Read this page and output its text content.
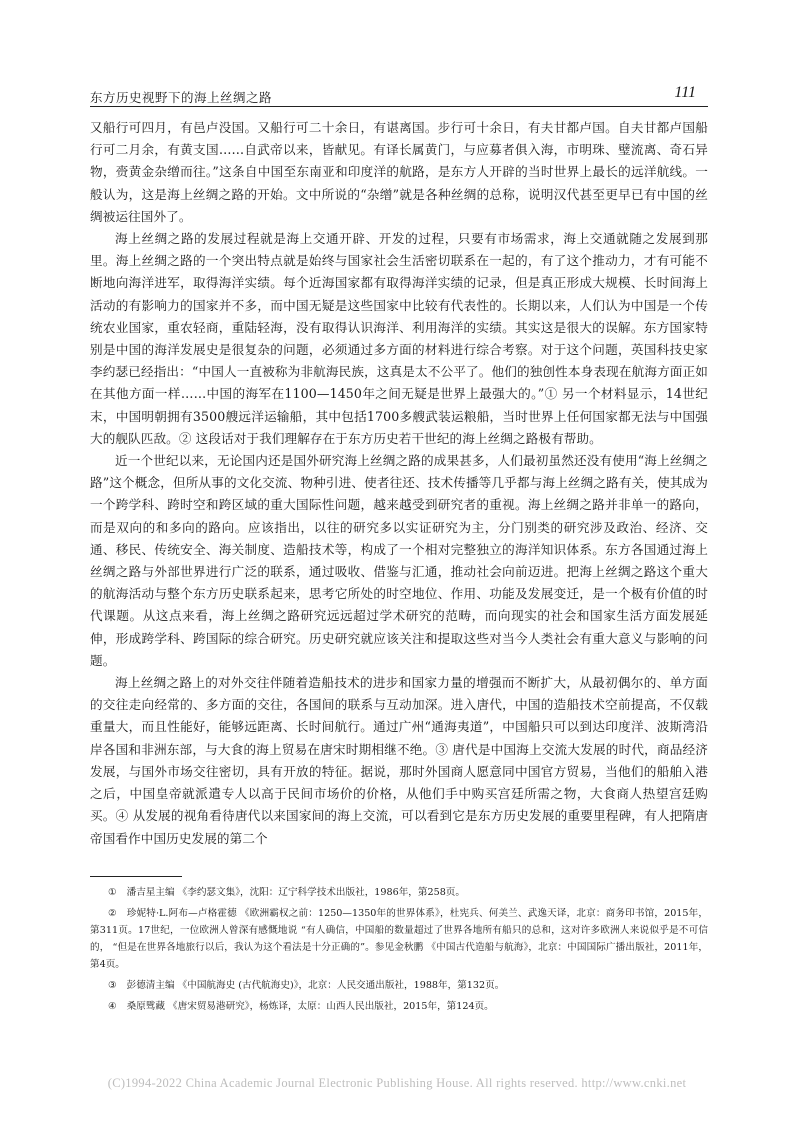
东方历史视野下的海上丝绸之路	111

又船行可四月，有邑卢没国。又船行可二十余日，有谌离国。步行可十余日，有夫甘都卢国。自夫甘都卢国船行可二月余，有黄支国……自武帝以来，皆献见。有译长属黄门，与应募者俱入海，市明珠、璧流离、奇石异物，赍黄金杂缯而往。”这条自中国至东南亚和印度洋的航路，是东方人开辟的当时世界上最长的远洋航线。一般认为，这是海上丝绸之路的开始。文中所说的“杂缯”就是各种丝绸的总称，说明汉代甚至更早已有中国的丝绸被运往国外了。

海上丝绸之路的发展过程就是海上交通开辟、开发的过程，只要有市场需求，海上交通就随之发展到那里。海上丝绸之路的一个突出特点就是始终与国家社会生活密切联系在一起的，有了这个推动力，才有可能不断地向海洋进军，取得海洋实绩。每个近海国家都有取得海洋实绩的记录，但是真正形成大规模、长时间海上活动的有影响力的国家并不多，而中国无疑是这些国家中比较有代表性的。长期以来，人们认为中国是一个传统农业国家，重农轻商，重陆轻海，没有取得认识海洋、利用海洋的实绩。其实这是很大的误解。东方国家特别是中国的海洋发展史是很复杂的问题，必须通过多方面的材料进行综合考察。对于这个问题，英国科技史家李约瑟已经指出：“中国人一直被称为非航海民族，这真是太不公平了。他们的独创性本身表现在航海方面正如在其他方面一样……中国的海军在1100—1450年之间无疑是世界上最强大的。”① 另一个材料显示，14世纪末，中国明朝拥有3500艘远洋运输船，其中包括1700多艘武装运粮船，当时世界上任何国家都无法与中国强大的舰队匹敌。② 这段话对于我们理解存在于东方历史若干世纪的海上丝绸之路极有帮助。

近一个世纪以来，无论国内还是国外研究海上丝绸之路的成果甚多，人们最初虽然还没有使用“海上丝绸之路”这个概念，但所从事的文化交流、物种引进、使者往还、技术传播等几乎都与海上丝绸之路有关，使其成为一个跨学科、跨时空和跨区域的重大国际性问题，越来越受到研究者的重视。海上丝绸之路并非单一的路向，而是双向的和多向的路向。应该指出，以往的研究多以实证研究为主，分门别类的研究涉及政治、经济、交通、移民、传统安全、海关制度、造船技术等，构成了一个相对完整独立的海洋知识体系。东方各国通过海上丝绸之路与外部世界进行广泛的联系，通过吸收、借鉴与汇通，推动社会向前迈进。把海上丝绸之路这个重大的航海活动与整个东方历史联系起来，思考它所处的时空地位、作用、功能及发展变迁，是一个极有价值的时代课题。从这点来看，海上丝绸之路研究远远超过学术研究的范畴，而向现实的社会和国家生活方面发展延伸，形成跨学科、跨国际的综合研究。历史研究就应该关注和提取这些对当今人类社会有重大意义与影响的问题。

海上丝绸之路上的对外交往伴随着造船技术的进步和国家力量的增强而不断扩大，从最初偶尔的、单方面的交往走向经常的、多方面的交往，各国间的联系与互动加深。进入唐代，中国的造船技术空前提高，不仅载重量大，而且性能好，能够远距离、长时间航行。通过广州“通海夷道”，中国船只可以到达印度洋、波斯湾沿岸各国和非洲东部，与大食的海上贸易在唐宋时期相继不绝。③ 唐代是中国海上交流大发展的时代，商品经济发展，与国外市场交往密切，具有开放的特征。据说，那时外国商人愿意同中国官方贸易，当他们的船舶入港之后，中国皇帝就派遣专人以高于民间市场价的价格，从他们手中购买宫廷所需之物，大食商人热望宫廷购买。④ 从发展的视角看待唐代以来国家间的海上交流，可以看到它是东方历史发展的重要里程碑，有人把隋唐帝国看作中国历史发展的第二个

① 潘吉星主编 《李约瑟文集》，沈阳：辽宁科学技术出版社，1986年，第258页。

② 珍妮特·L.阿布—卢格霍德 《欧洲霸权之前：1250—1350年的世界体系》，杜宪兵、何美兰、武逸天译，北京：商务印书馆，2015年，第311页。17世纪，一位欧洲人曾深有感慨地说 “有人确信，中国船的数量超过了世界各地所有船只的总和，这对许多欧洲人来说似乎是不可信的， “但是在世界各地旅行以后，我认为这个看法是十分正确的”。参见金秋鹏 《中国古代造船与航海》，北京：中国国际广播出版社，2011年，第4页。

③ 彭德清主编 《中国航海史 (古代航海史)》，北京：人民交通出版社，1988年，第132页。

④ 桑原骘藏 《唐宋贸易港研究》，杨炼译，太原：山西人民出版社，2015年，第124页。

(C)1994-2022 China Academic Journal Electronic Publishing House. All rights reserved. http://www.cnki.net
